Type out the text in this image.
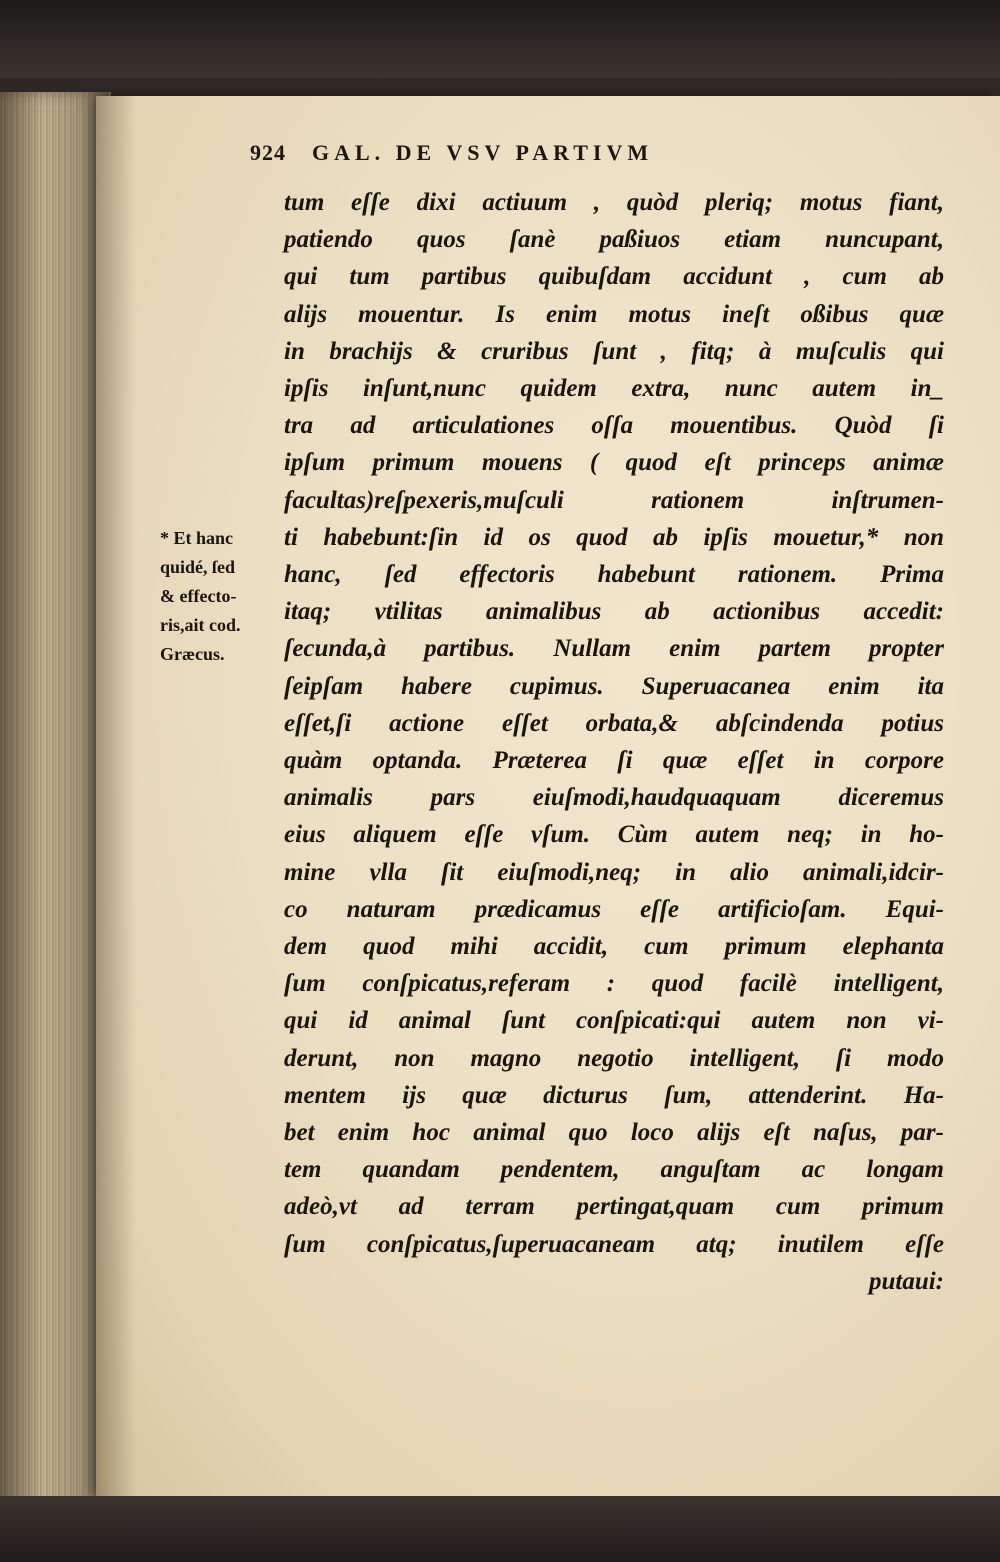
924 GAL. DE VSV PARTIVM
tum eſſe dixi actiuum , quòd pleriq; motus fiant,
patiendo quos ſanè paßiuos etiam nuncupant,
qui tum partibus quibuſdam accidunt , cum ab
alijs mouentur. Is enim motus ineſt oßibus quæ
in brachijs & cruribus ſunt , fitq; à muſculis qui
ipſis inſunt,nunc quidem extra, nunc autem in_
tra ad articulationes oſſa mouentibus. Quòd ſi
ipſum primum mouens ( quod eſt princeps animæ
facultas)reſpexeris,muſculi rationem inſtrumen-
ti habebunt:ſin id os quod ab ipſis mouetur,* non
hanc, ſed effectoris habebunt rationem. Prima
itaq; vtilitas animalibus ab actionibus accedit:
ſecunda,à partibus. Nullam enim partem propter
ſeipſam habere cupimus. Superuacanea enim ita
eſſet,ſi actione eſſet orbata,& abſcindenda potius
quàm optanda. Præterea ſi quæ eſſet in corpore
animalis pars eiuſmodi,haudquaquam diceremus
eius aliquem eſſe vſum. Cùm autem neq; in ho-
mine vlla ſit eiuſmodi,neq; in alio animali,idcir-
co naturam prædicamus eſſe artificioſam. Equi-
dem quod mihi accidit, cum primum elephanta
ſum conſpicatus,referam : quod facilè intelligent,
qui id animal ſunt conſpicati:qui autem non vi-
derunt, non magno negotio intelligent, ſi modo
mentem ijs quæ dicturus ſum, attenderint. Ha-
bet enim hoc animal quo loco alijs eſt naſus, par-
tem quandam pendentem, anguſtam ac longam
adeò,vt ad terram pertingat,quam cum primum
ſum conſpicatus,ſuperuacaneam atq; inutilem eſſe
putaui:
* Et hanc
quidé, ſed
& effecto-
ris,ait cod.
Græcus.
